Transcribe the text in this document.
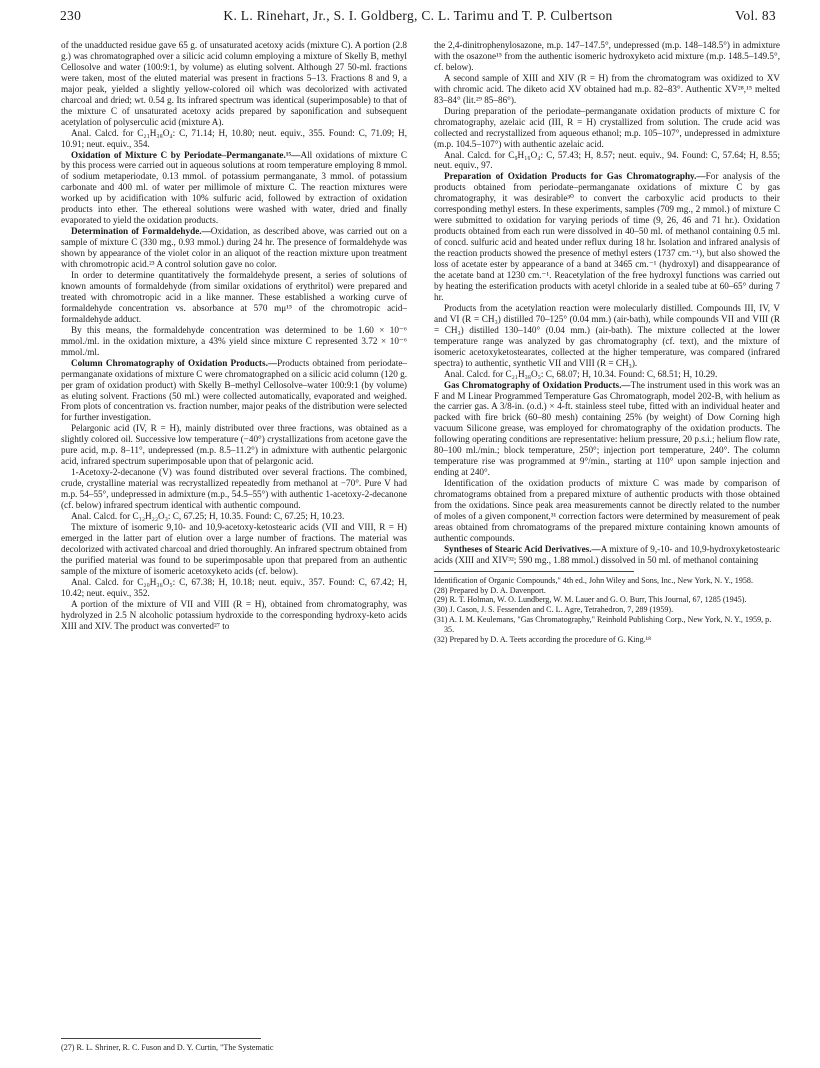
230	K. L. Rinehart, Jr., S. I. Goldberg, C. L. Tarimu and T. P. Culbertson	Vol. 83

of the unadducted residue gave 65 g. of unsaturated acetoxy acids (mixture C). A portion (2.8 g.) was chromatographed over a silicic acid column employing a mixture of Skelly B, methyl Cellosolve and water (100:9:1, by volume) as eluting solvent. Although 27 50-ml. fractions were taken, most of the eluted material was present in fractions 5–13. Fractions 8 and 9, a major peak, yielded a slightly yellow-colored oil which was decolorized with activated charcoal and dried; wt. 0.54 g. Its infrared spectrum was identical (superimposable) to that of the mixture C of unsaturated acetoxy acids prepared by saponification and subsequent acetylation of polyserculic acid (mixture A).

Anal. Calcd. for C₂₁H₃₈O₄: C, 71.14; H, 10.80; neut. equiv., 355. Found: C, 71.09; H, 10.91; neut. equiv., 354.

Oxidation of Mixture C by Periodate–Permanganate.¹⁵—All oxidations of mixture C by this process were carried out in aqueous solutions at room temperature employing 8 mmol. of sodium metaperiodate, 0.13 mmol. of potassium permanganate, 3 mmol. of potassium carbonate and 400 ml. of water per millimole of mixture C. The reaction mixtures were worked up by acidification with 10% sulfuric acid, followed by extraction of oxidation products into ether. The ethereal solutions were washed with water, dried and finally evaporated to yield the oxidation products.

Determination of Formaldehyde.—Oxidation, as described above, was carried out on a sample of mixture C (330 mg., 0.93 mmol.) during 24 hr. The presence of formaldehyde was shown by appearance of the violet color in an aliquot of the reaction mixture upon treatment with chromotropic acid.²³ A control solution gave no color.

In order to determine quantitatively the formaldehyde present, a series of solutions of known amounts of formaldehyde (from similar oxidations of erythritol) were prepared and treated with chromotropic acid in a like manner. These established a working curve of formaldehyde concentration vs. absorbance at 570 mμ¹⁵ of the chromotropic acid–formaldehyde adduct.

By this means, the formaldehyde concentration was determined to be 1.60 × 10⁻⁶ mmol./ml. in the oxidation mixture, a 43% yield since mixture C represented 3.72 × 10⁻⁶ mmol./ml.

Column Chromatography of Oxidation Products.—Products obtained from periodate–permanganate oxidations of mixture C were chromatographed on a silicic acid column (120 g. per gram of oxidation product) with Skelly B–methyl Cellosolve–water 100:9:1 (by volume) as eluting solvent. Fractions (50 ml.) were collected automatically, evaporated and weighed. From plots of concentration vs. fraction number, major peaks of the distribution were selected for further investigation.

Pelargonic acid (IV, R = H), mainly distributed over three fractions, was obtained as a slightly colored oil. Successive low temperature (−40°) crystallizations from acetone gave the pure acid, m.p. 8–11°, undepressed (m.p. 8.5–11.2°) in admixture with authentic pelargonic acid, infrared spectrum superimposable upon that of pelargonic acid.

1-Acetoxy-2-decanone (V) was found distributed over several fractions. The combined, crude, crystalline material was recrystallized repeatedly from methanol at −70°. Pure V had m.p. 54–55°, undepressed in admixture (m.p., 54.5–55°) with authentic 1-acetoxy-2-decanone (cf. below) infrared spectrum identical with authentic compound.

Anal. Calcd. for C₁₂H₂₂O₃: C, 67.25; H, 10.35. Found: C, 67.25; H, 10.23.

The mixture of isomeric 9,10- and 10,9-acetoxy-ketostearic acids (VII and VIII, R = H) emerged in the latter part of elution over a large number of fractions. The material was decolorized with activated charcoal and dried thoroughly. An infrared spectrum obtained from the purified material was found to be superimposable upon that prepared from an authentic sample of the mixture of isomeric acetoxyketo acids (cf. below).

Anal. Calcd. for C₂₀H₃₆O₅: C, 67.38; H, 10.18; neut. equiv., 357. Found: C, 67.42; H, 10.42; neut. equiv., 352.

A portion of the mixture of VII and VIII (R = H), obtained from chromatography, was hydrolyzed in 2.5 N alcoholic potassium hydroxide to the corresponding hydroxy-keto acids XIII and XIV. The product was converted²⁷ to

(27) R. L. Shriner, R. C. Fuson and D. Y. Curtin, "The Systematic

the 2,4-dinitrophenylosazone, m.p. 147–147.5°, undepressed (m.p. 148–148.5°) in admixture with the osazone¹⁵ from the authentic isomeric hydroxyketo acid mixture (m.p. 148.5–149.5°, cf. below).

A second sample of XIII and XIV (R = H) from the chromatogram was oxidized to XV with chromic acid. The diketo acid XV obtained had m.p. 82–83°. Authentic XV²⁸,¹⁵ melted 83–84° (lit.²⁹ 85–86°).

During preparation of the periodate–permanganate oxidation products of mixture C for chromatography, azelaic acid (III, R = H) crystallized from solution. The crude acid was collected and recrystallized from aqueous ethanol; m.p. 105–107°, undepressed in admixture (m.p. 104.5–107°) with authentic azelaic acid.

Anal. Calcd. for C₉H₁₆O₄: C, 57.43; H, 8.57; neut. equiv., 94. Found: C, 57.64; H, 8.55; neut. equiv., 97.

Preparation of Oxidation Products for Gas Chromatography.—For analysis of the products obtained from periodate–permanganate oxidations of mixture C by gas chromatography, it was desirable³⁰ to convert the carboxylic acid products to their corresponding methyl esters. In these experiments, samples (709 mg., 2 mmol.) of mixture C were submitted to oxidation for varying periods of time (9, 26, 46 and 71 hr.). Oxidation products obtained from each run were dissolved in 40–50 ml. of methanol containing 0.5 ml. of concd. sulfuric acid and heated under reflux during 18 hr. Isolation and infrared analysis of the reaction products showed the presence of methyl esters (1737 cm.⁻¹), but also showed the loss of acetate ester by appearance of a band at 3465 cm.⁻¹ (hydroxyl) and disappearance of the acetate band at 1230 cm.⁻¹. Reacetylation of the free hydroxyl functions was carried out by heating the esterification products with acetyl chloride in a sealed tube at 60–65° during 7 hr.

Products from the acetylation reaction were molecularly distilled. Compounds III, IV, V and VI (R = CH₃) distilled 70–125° (0.04 mm.) (air-bath), while compounds VII and VIII (R = CH₃) distilled 130–140° (0.04 mm.) (air-bath). The mixture collected at the lower temperature range was analyzed by gas chromatography (cf. text), and the mixture of isomeric acetoxyketostearates, collected at the higher temperature, was compared (infrared spectra) to authentic, synthetic VII and VIII (R = CH₃).

Anal. Calcd. for C₂₁H₃₈O₅: C, 68.07; H, 10.34. Found: C, 68.51; H, 10.29.

Gas Chromatography of Oxidation Products.—The instrument used in this work was an F and M Linear Programmed Temperature Gas Chromatograph, model 202-B, with helium as the carrier gas. A 3/8-in. (o.d.) × 4-ft. stainless steel tube, fitted with an individual heater and packed with fire brick (60–80 mesh) containing 25% (by weight) of Dow Corning high vacuum Silicone grease, was employed for chromatography of the oxidation products. The following operating conditions are representative: helium pressure, 20 p.s.i.; helium flow rate, 80–100 ml./min.; block temperature, 250°; injection port temperature, 240°. The column temperature rise was programmed at 9°/min., starting at 110° upon sample injection and ending at 240°.

Identification of the oxidation products of mixture C was made by comparison of chromatograms obtained from a prepared mixture of authentic products with those obtained from the oxidations. Since peak area measurements cannot be directly related to the number of moles of a given component,³¹ correction factors were determined by measurement of peak areas obtained from chromatograms of the prepared mixture containing known amounts of authentic compounds.

Syntheses of Stearic Acid Derivatives.—A mixture of 9,-10- and 10,9-hydroxyketostearic acids (XIII and XIV³²; 590 mg., 1.88 mmol.) dissolved in 50 ml. of methanol containing

Identification of Organic Compounds," 4th ed., John Wiley and Sons, Inc., New York, N. Y., 1958.

(28) Prepared by D. A. Davenport.

(29) R. T. Holman, W. O. Lundberg, W. M. Lauer and G. O. Burr, This Journal, 67, 1285 (1945).

(30) J. Cason, J. S. Fessenden and C. L. Agre, Tetrahedron, 7, 289 (1959).

(31) A. I. M. Keulemans, "Gas Chromatography," Reinhold Publishing Corp., New York, N. Y., 1959, p. 35.

(32) Prepared by D. A. Teets according the procedure of G. King.¹⁸
